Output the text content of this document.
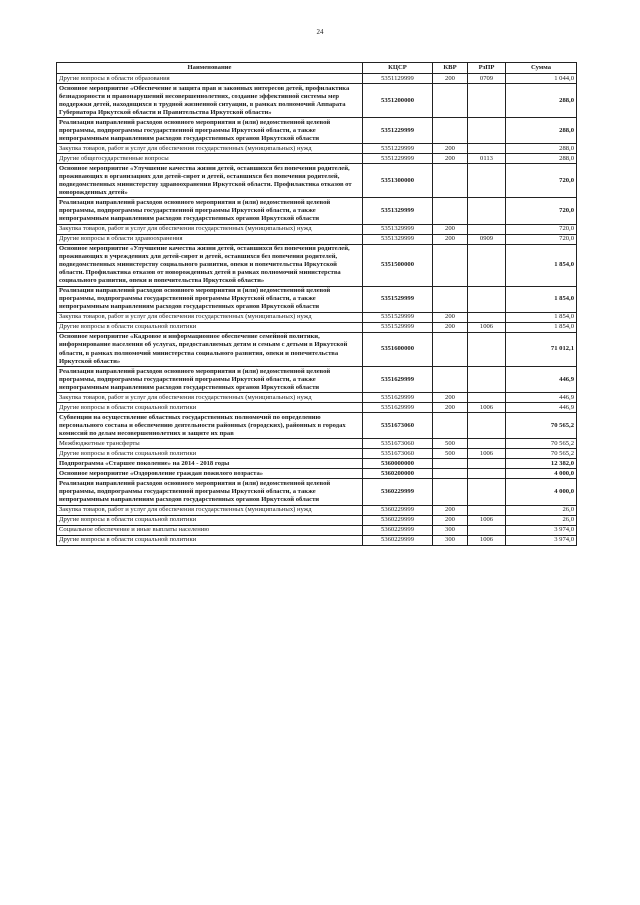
24
Наименование	КЦСР	КВР	РзПР	Сумма
Другие вопросы в области образования	5351129999	200	0709	1 044,0
Основное мероприятие «Обеспечение и защита прав и законных интересов детей, профилактика безнадзорности и правонарушений несовершеннолетних, создание эффективной системы мер поддержки детей, находящихся в трудной жизненной ситуации, в рамках полномочий Аппарата Губернатора Иркутской области и Правительства Иркутской области»	5351200000			288,0
Реализация направлений расходов основного мероприятия и (или) ведомственной целевой программы, подпрограммы государственной программы Иркутской области, а также непрограммным направлениям расходов государственных органов Иркутской области	5351229999			288,0
Закупка товаров, работ и услуг для обеспечения государственных (муниципальных) нужд	5351229999	200		288,0
Другие общегосударственные вопросы	5351229999	200	0113	288,0
Основное мероприятие «Улучшение качества жизни детей, оставшихся без попечения родителей, проживающих в организациях для детей-сирот и детей, оставшихся без попечения родителей, подведомственных министерству здравоохранения Иркутской области. Профилактика отказов от новорожденных детей»	5351300000			720,0
Реализация направлений расходов основного мероприятия и (или) ведомственной целевой программы, подпрограммы государственной программы Иркутской области, а также непрограммным направлениям расходов государственных органов Иркутской области	5351329999			720,0
Закупка товаров, работ и услуг для обеспечения государственных (муниципальных) нужд	5351329999	200		720,0
Другие вопросы в области здравоохранения	5351329999	200	0909	720,0
Основное мероприятие «Улучшение качества жизни детей, оставшихся без попечения родителей, проживающих в учреждениях для детей-сирот и детей, оставшихся без попечения родителей, подведомственных министерству социального развития, опеки и попечительства Иркутской области. Профилактика отказов от новорожденных детей в рамках полномочий министерства социального развития, опеки и попечительства Иркутской области»	5351500000			1 854,0
Реализация направлений расходов основного мероприятия и (или) ведомственной целевой программы, подпрограммы государственной программы Иркутской области, а также непрограммным направлениям расходов государственных органов Иркутской области	5351529999			1 854,0
Закупка товаров, работ и услуг для обеспечения государственных (муниципальных) нужд	5351529999	200		1 854,0
Другие вопросы в области социальной политики	5351529999	200	1006	1 854,0
Основное мероприятие «Кадровое и информационное обеспечение семейной политики, информирование населения об услугах, предоставляемых детям и семьям с детьми в Иркутской области, в рамках полномочий министерства социального развития, опеки и попечительства Иркутской области»	5351600000			71 012,1
Реализация направлений расходов основного мероприятия и (или) ведомственной целевой программы, подпрограммы государственной программы Иркутской области, а также непрограммным направлениям расходов государственных органов Иркутской области	5351629999			446,9
Закупка товаров, работ и услуг для обеспечения государственных (муниципальных) нужд	5351629999	200		446,9
Другие вопросы в области социальной политики	5351629999	200	1006	446,9
Субвенции на осуществление областных государственных полномочий по определению персонального состава и обеспечению деятельности районных (городских), районных в городах комиссий по делам несовершеннолетних и защите их прав	5351673060			70 565,2
Межбюджетные трансферты	5351673060	500		70 565,2
Другие вопросы в области социальной политики	5351673060	500	1006	70 565,2
Подпрограмма «Старшее поколение» на 2014 - 2018 годы	5360000000			12 382,0
Основное мероприятие «Оздоровление граждан пожилого возраста»	5360200000			4 000,0
Реализация направлений расходов основного мероприятия и (или) ведомственной целевой программы, подпрограммы государственной программы Иркутской области, а также непрограммным направлениям расходов государственных органов Иркутской области	5360229999			4 000,0
Закупка товаров, работ и услуг для обеспечения государственных (муниципальных) нужд	5360229999	200		26,0
Другие вопросы в области социальной политики	5360229999	200	1006	26,0
Социальное обеспечение и иные выплаты населению	5360229999	300		3 974,0
Другие вопросы в области социальной политики	5360229999	300	1006	3 974,0
